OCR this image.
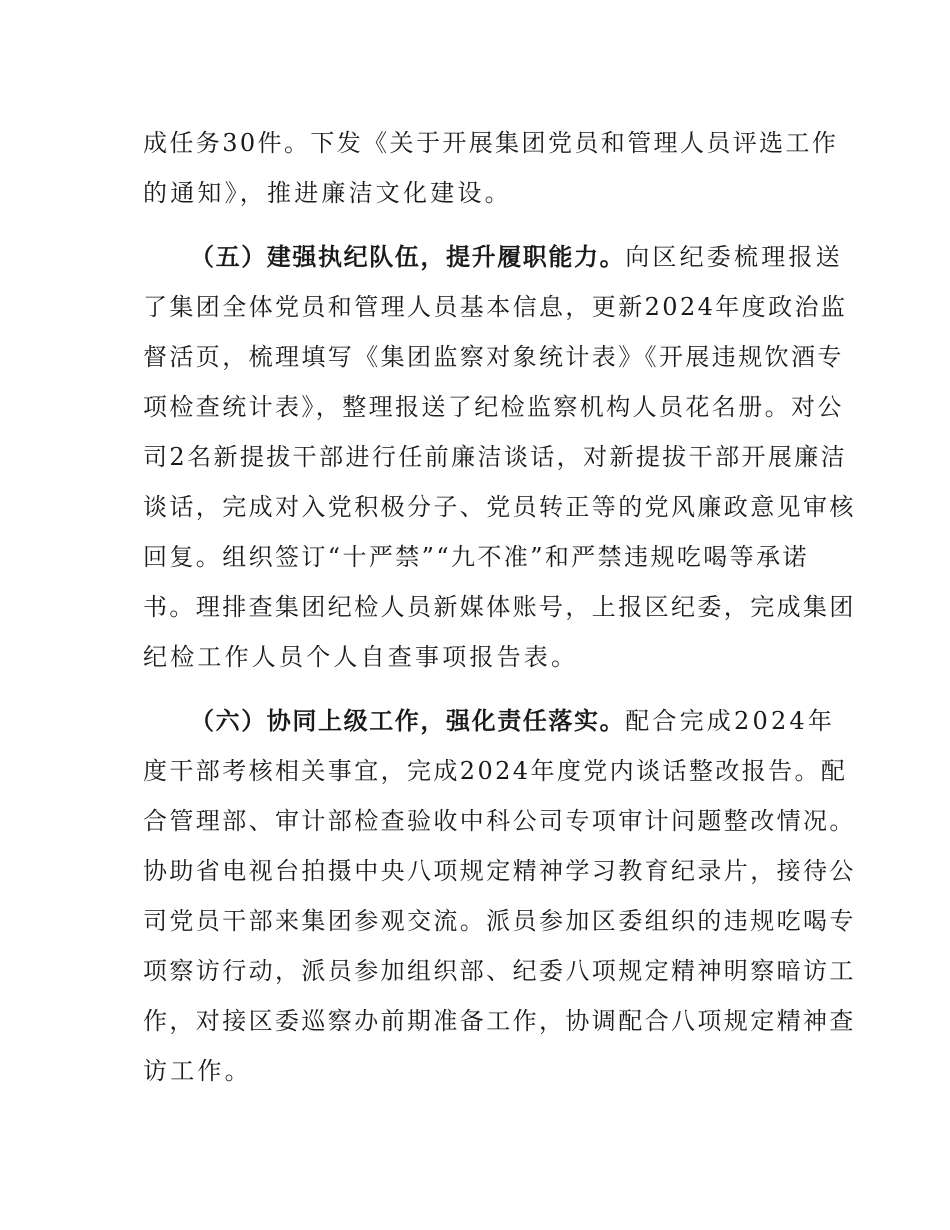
成任务30件。下发《关于开展集团党员和管理人员评选工作
的通知》，推进廉洁文化建设。
（五）建强执纪队伍，提升履职能力。向区纪委梳理报送
了集团全体党员和管理人员基本信息，更新2024年度政治监
督活页，梳理填写《集团监察对象统计表》《开展违规饮酒专
项检查统计表》，整理报送了纪检监察机构人员花名册。对公
司2名新提拔干部进行任前廉洁谈话，对新提拔干部开展廉洁
谈话，完成对入党积极分子、党员转正等的党风廉政意见审核
回复。组织签订“十严禁”“九不准”和严禁违规吃喝等承诺
书。理排查集团纪检人员新媒体账号，上报区纪委，完成集团
纪检工作人员个人自查事项报告表。
（六）协同上级工作，强化责任落实。配合完成2024年
度干部考核相关事宜，完成2024年度党内谈话整改报告。配
合管理部、审计部检查验收中科公司专项审计问题整改情况。
协助省电视台拍摄中央八项规定精神学习教育纪录片，接待公
司党员干部来集团参观交流。派员参加区委组织的违规吃喝专
项察访行动，派员参加组织部、纪委八项规定精神明察暗访工
作，对接区委巡察办前期准备工作，协调配合八项规定精神查
访工作。
